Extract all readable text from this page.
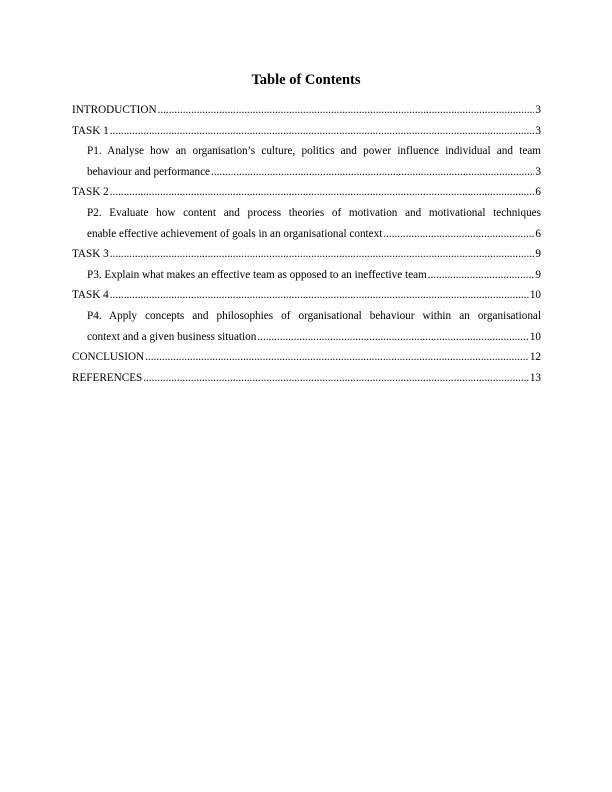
Table of Contents
INTRODUCTION .....	3
TASK 1 .....	3
P1. Analyse how an organisation’s culture, politics and power influence individual and team
behaviour and performance .....	3
TASK 2 .....	6
P2. Evaluate how content and process theories of motivation and motivational techniques
enable effective achievement of goals in an organisational context .....	6
TASK 3 .....	9
P3. Explain what makes an effective team as opposed to an ineffective team .....	9
TASK 4 .....	10
P4. Apply concepts and philosophies of organisational behaviour within an organisational
context and a given business situation .....	10
CONCLUSION .....	12
REFERENCES .....	13
